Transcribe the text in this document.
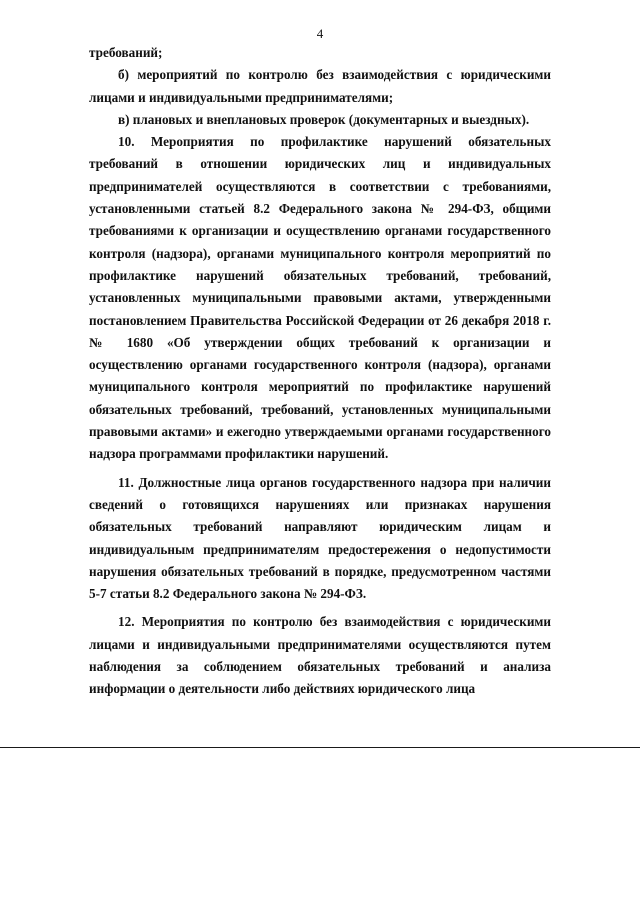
4

требований;

б) мероприятий по контролю без взаимодействия с юридическими лицами и индивидуальными предпринимателями;

в) плановых и внеплановых проверок (документарных и выездных).

10. Мероприятия по профилактике нарушений обязательных требований в отношении юридических лиц и индивидуальных предпринимателей осуществляются в соответствии с требованиями, установленными статьей 8.2 Федерального закона № 294-ФЗ, общими требованиями к организации и осуществлению органами государственного контроля (надзора), органами муниципального контроля мероприятий по профилактике нарушений обязательных требований, требований, установленных муниципальными правовыми актами, утвержденными постановлением Правительства Российской Федерации от 26 декабря 2018 г. № 1680 «Об утверждении общих требований к организации и осуществлению органами государственного контроля (надзора), органами муниципального контроля мероприятий по профилактике нарушений обязательных требований, требований, установленных муниципальными правовыми актами» и ежегодно утверждаемыми органами государственного надзора программами профилактики нарушений.

11. Должностные лица органов государственного надзора при наличии сведений о готовящихся нарушениях или признаках нарушения обязательных требований направляют юридическим лицам и индивидуальным предпринимателям предостережения о недопустимости нарушения обязательных требований в порядке, предусмотренном частями 5-7 статьи 8.2 Федерального закона № 294-ФЗ.

12. Мероприятия по контролю без взаимодействия с юридическими лицами и индивидуальными предпринимателями осуществляются путем наблюдения за соблюдением обязательных требований и анализа информации о деятельности либо действиях юридического лица
